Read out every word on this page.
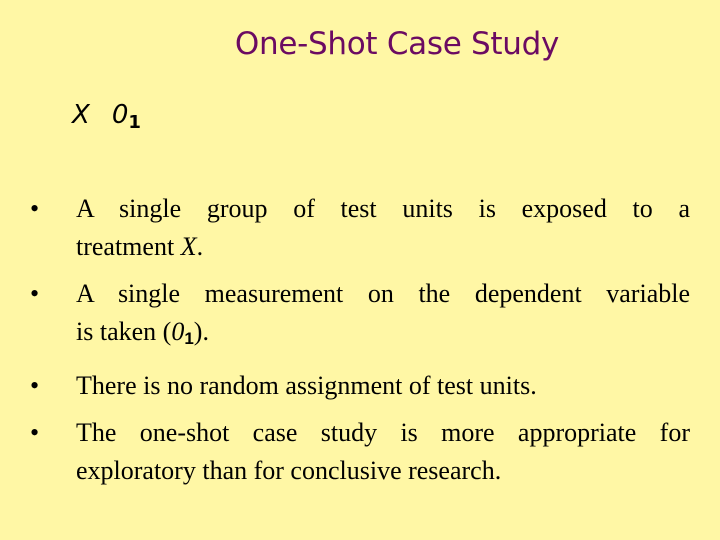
One-Shot Case Study
X $0_1$
•	A single group of test units is exposed to a
treatment X.
•	A single measurement on the dependent variable
is taken $(0_1)$.
•	There is no random assignment of test units.
•	The one-shot case study is more appropriate for
exploratory than for conclusive research.
